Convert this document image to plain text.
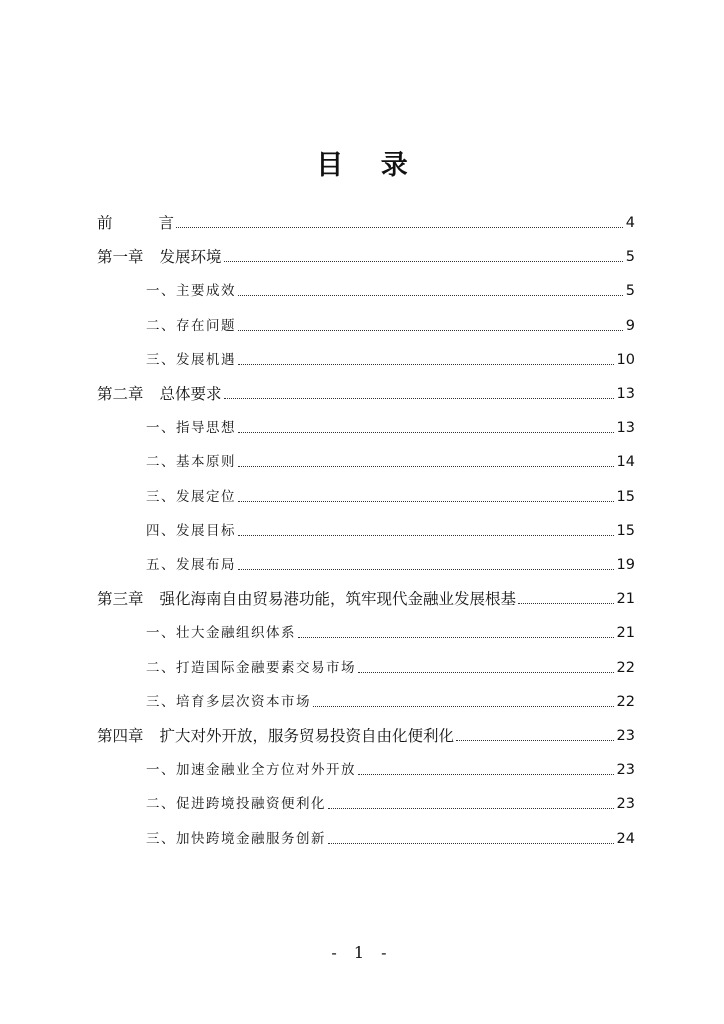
目 录
前	言	4
第一章 发展环境	5
一、主要成效	5
二、存在问题	9
三、发展机遇	10
第二章 总体要求	13
一、指导思想	13
二、基本原则	14
三、发展定位	15
四、发展目标	15
五、发展布局	19
第三章 强化海南自由贸易港功能，筑牢现代金融业发展根基	21
一、壮大金融组织体系	21
二、打造国际金融要素交易市场	22
三、培育多层次资本市场	22
第四章 扩大对外开放，服务贸易投资自由化便利化	23
一、加速金融业全方位对外开放	23
二、促进跨境投融资便利化	23
三、加快跨境金融服务创新	24
- 1 -
